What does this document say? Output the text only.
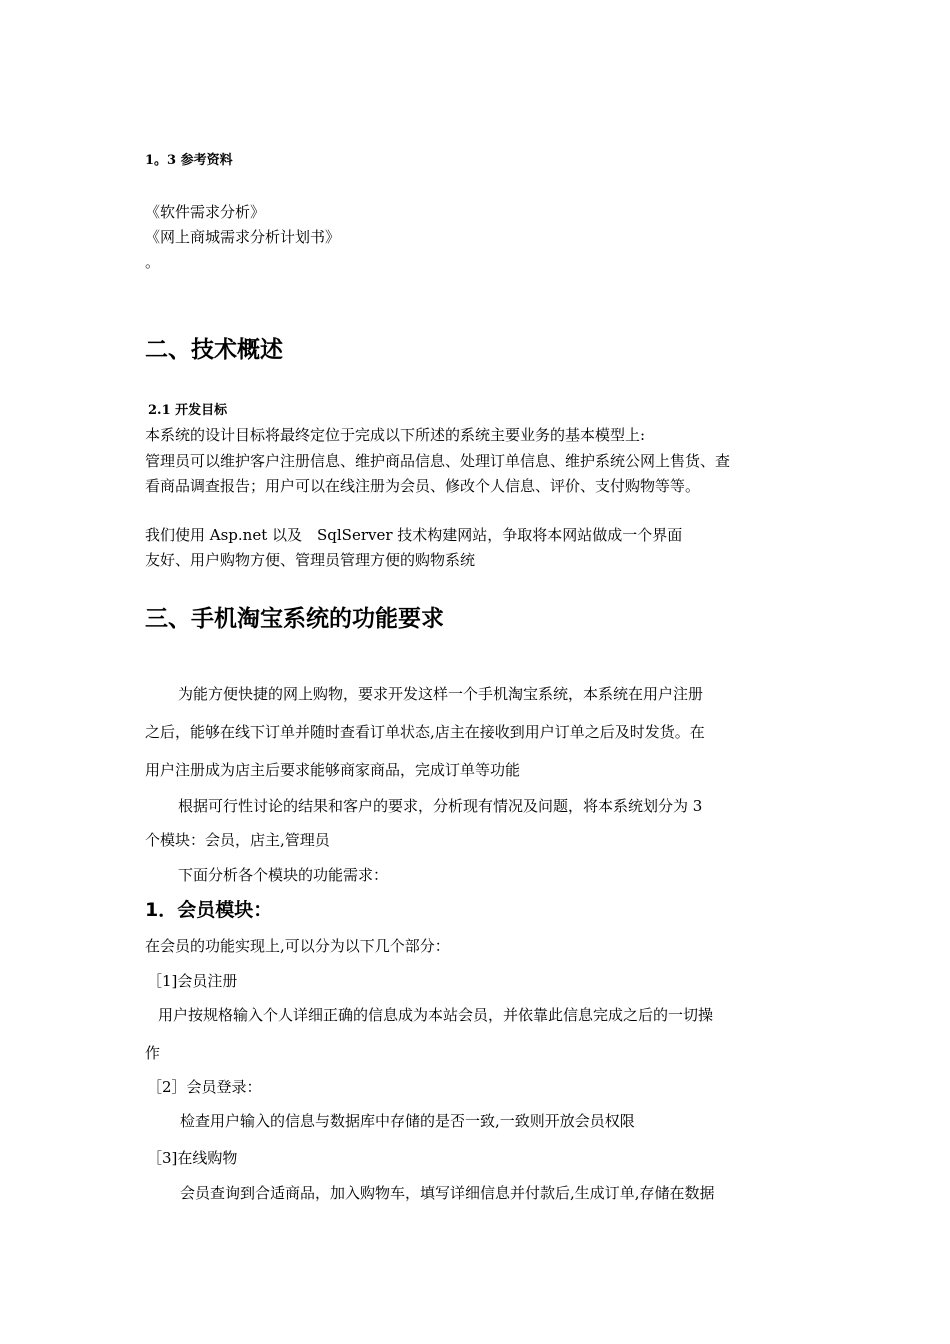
1。3 参考资料
《软件需求分析》
《网上商城需求分析计划书》
。
二、技术概述
2.1 开发目标
本系统的设计目标将最终定位于完成以下所述的系统主要业务的基本模型上:
管理员可以维护客户注册信息、维护商品信息、处理订单信息、维护系统公网上售货、查
看商品调查报告；用户可以在线注册为会员、修改个人信息、评价、支付购物等等。
我们使用 Asp.net 以及　SqlServer 技术构建网站，争取将本网站做成一个界面
友好、用户购物方便、管理员管理方便的购物系统
三、手机淘宝系统的功能要求
为能方便快捷的网上购物，要求开发这样一个手机淘宝系统，本系统在用户注册
之后，能够在线下订单并随时查看订单状态,店主在接收到用户订单之后及时发货。在
用户注册成为店主后要求能够商家商品，完成订单等功能
根据可行性讨论的结果和客户的要求，分析现有情况及问题，将本系统划分为 3
个模块：会员，店主,管理员
下面分析各个模块的功能需求：
1．会员模块：
在会员的功能实现上,可以分为以下几个部分：
［1]会员注册
用户按规格输入个人详细正确的信息成为本站会员，并依靠此信息完成之后的一切操
作
［2］会员登录：
检查用户输入的信息与数据库中存储的是否一致,一致则开放会员权限
［3]在线购物
会员查询到合适商品，加入购物车，填写详细信息并付款后,生成订单,存储在数据
